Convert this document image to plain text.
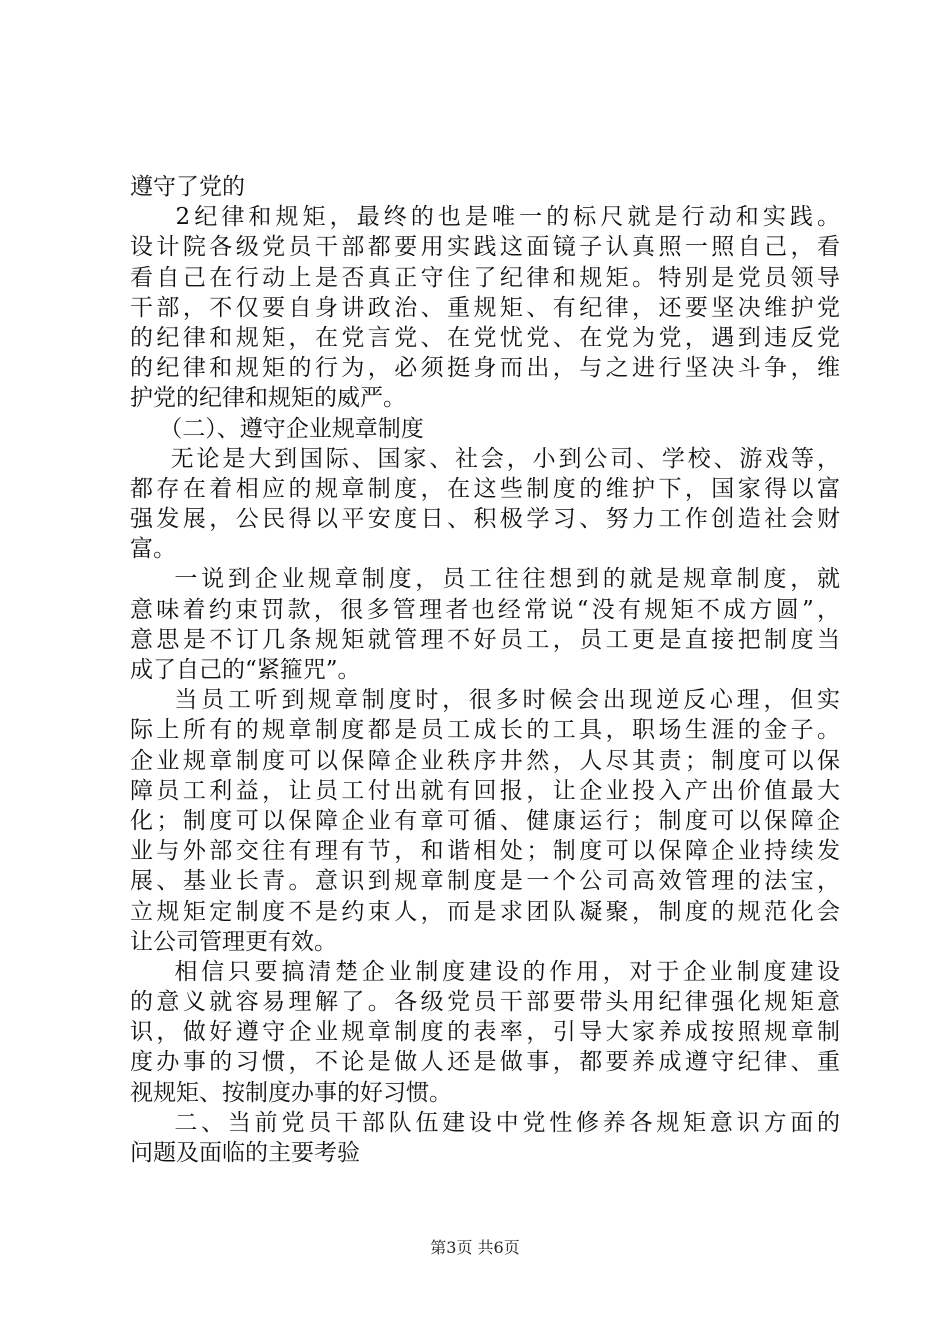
遵守了党的
2纪律和规矩，最终的也是唯一的标尺就是行动和实践。
设计院各级党员干部都要用实践这面镜子认真照一照自己，看
看自己在行动上是否真正守住了纪律和规矩。特别是党员领导
干部，不仅要自身讲政治、重规矩、有纪律，还要坚决维护党
的纪律和规矩，在党言党、在党忧党、在党为党，遇到违反党
的纪律和规矩的行为，必须挺身而出，与之进行坚决斗争，维
护党的纪律和规矩的威严。
（二）、遵守企业规章制度
无论是大到国际、国家、社会，小到公司、学校、游戏等，
都存在着相应的规章制度，在这些制度的维护下，国家得以富
强发展，公民得以平安度日、积极学习、努力工作创造社会财
富。
一说到企业规章制度，员工往往想到的就是规章制度，就
意味着约束罚款，很多管理者也经常说“没有规矩不成方圆”，
意思是不订几条规矩就管理不好员工，员工更是直接把制度当
成了自己的“紧箍咒”。
当员工听到规章制度时，很多时候会出现逆反心理，但实
际上所有的规章制度都是员工成长的工具，职场生涯的金子。
企业规章制度可以保障企业秩序井然，人尽其责；制度可以保
障员工利益，让员工付出就有回报，让企业投入产出价值最大
化；制度可以保障企业有章可循、健康运行；制度可以保障企
业与外部交往有理有节，和谐相处；制度可以保障企业持续发
展、基业长青。意识到规章制度是一个公司高效管理的法宝，
立规矩定制度不是约束人，而是求团队凝聚，制度的规范化会
让公司管理更有效。
相信只要搞清楚企业制度建设的作用，对于企业制度建设
的意义就容易理解了。各级党员干部要带头用纪律强化规矩意
识，做好遵守企业规章制度的表率，引导大家养成按照规章制
度办事的习惯，不论是做人还是做事，都要养成遵守纪律、重
视规矩、按制度办事的好习惯。
二、当前党员干部队伍建设中党性修养各规矩意识方面的
问题及面临的主要考验
第3页 共6页
